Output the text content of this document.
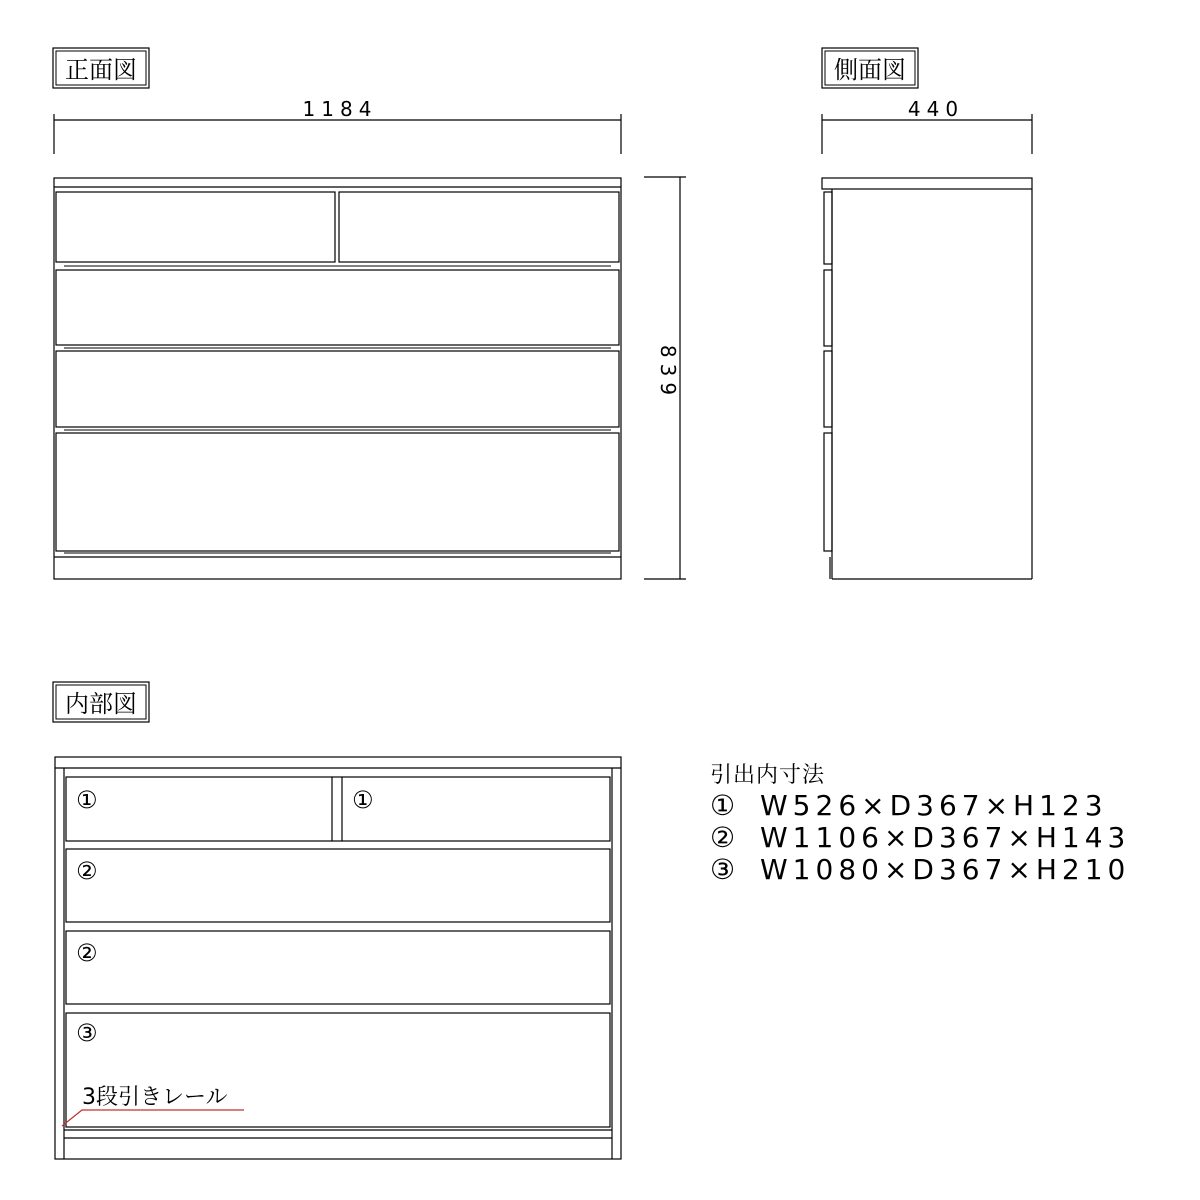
正面図
1184
839
側面図
440
内部図
①	①
②
②
③
3段引きレール
引出内寸法
① W526×D367×H123
② W1106×D367×H143
③ W1080×D367×H210
